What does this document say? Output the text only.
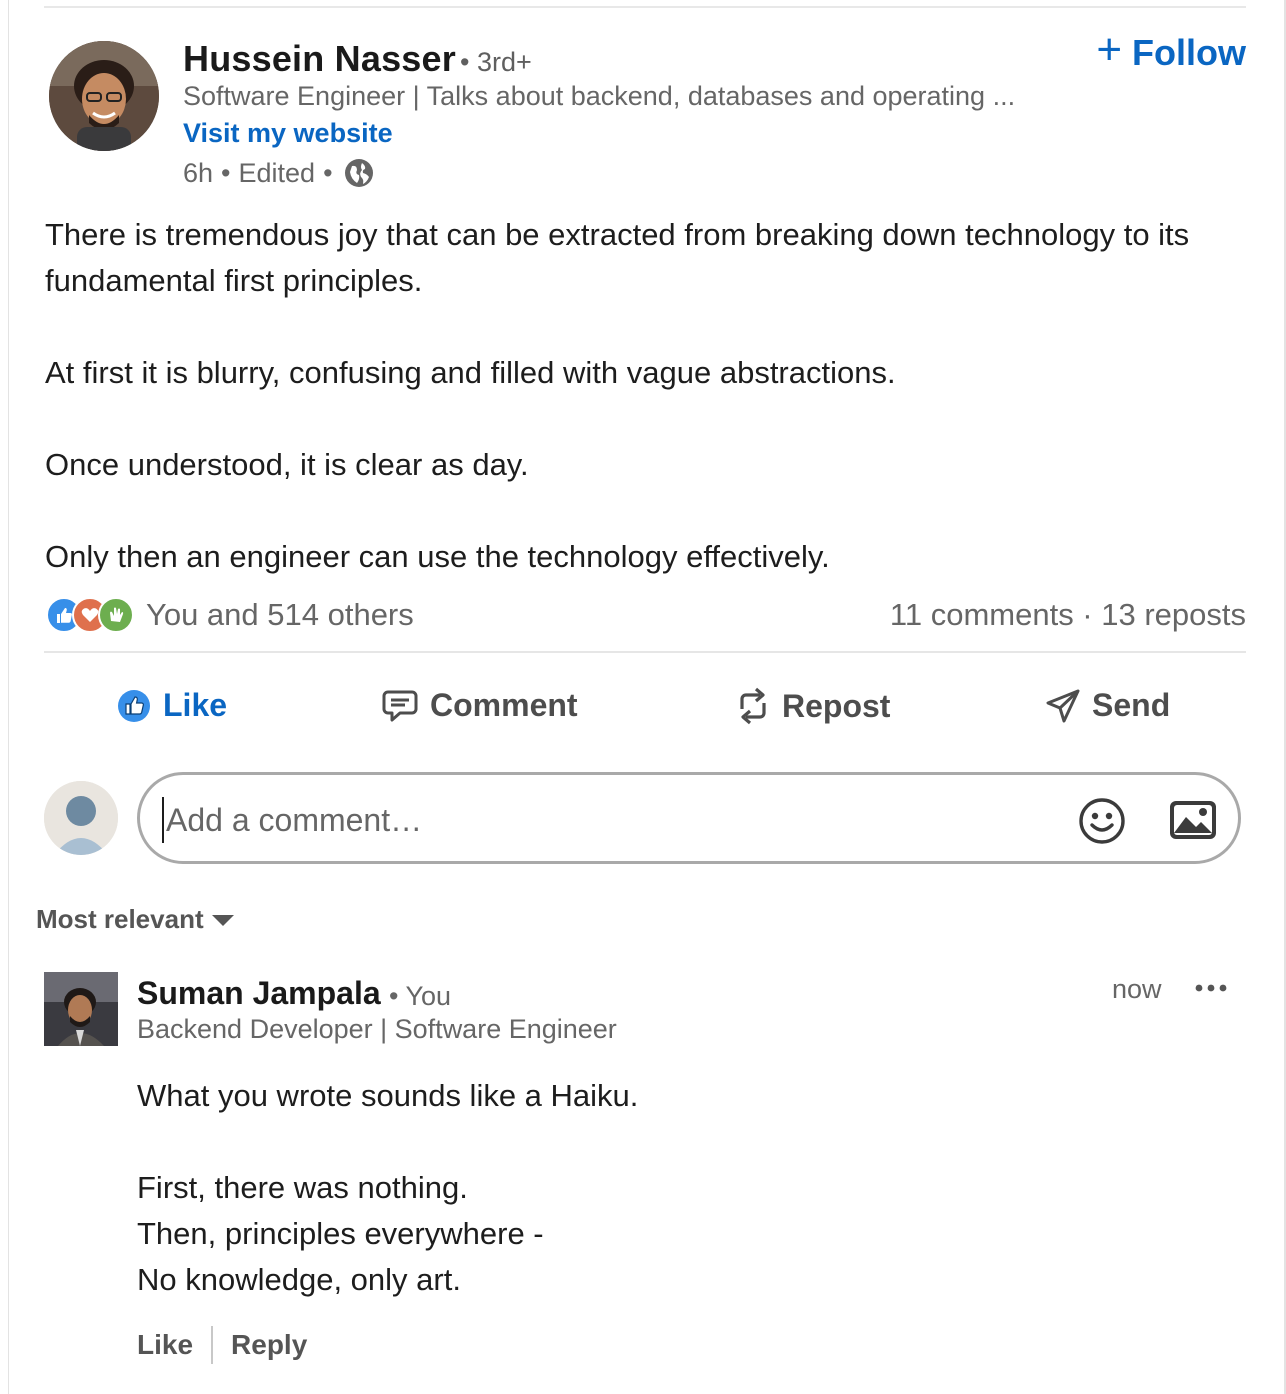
Hussein Nasser • 3rd+
Software Engineer | Talks about backend, databases and operating ...
Visit my website
6h • Edited •
+ Follow

There is tremendous joy that can be extracted from breaking down technology to its fundamental first principles.

At first it is blurry, confusing and filled with vague abstractions.

Once understood, it is clear as day.

Only then an engineer can use the technology effectively.

You and 514 others	11 comments · 13 reposts
Like	Comment	Repost	Send
Add a comment…
Most relevant
Suman Jampala • You
Backend Developer | Software Engineer
now

What you wrote sounds like a Haiku.

First, there was nothing.

Then, principles everywhere -

No knowledge, only art.

Like Reply
